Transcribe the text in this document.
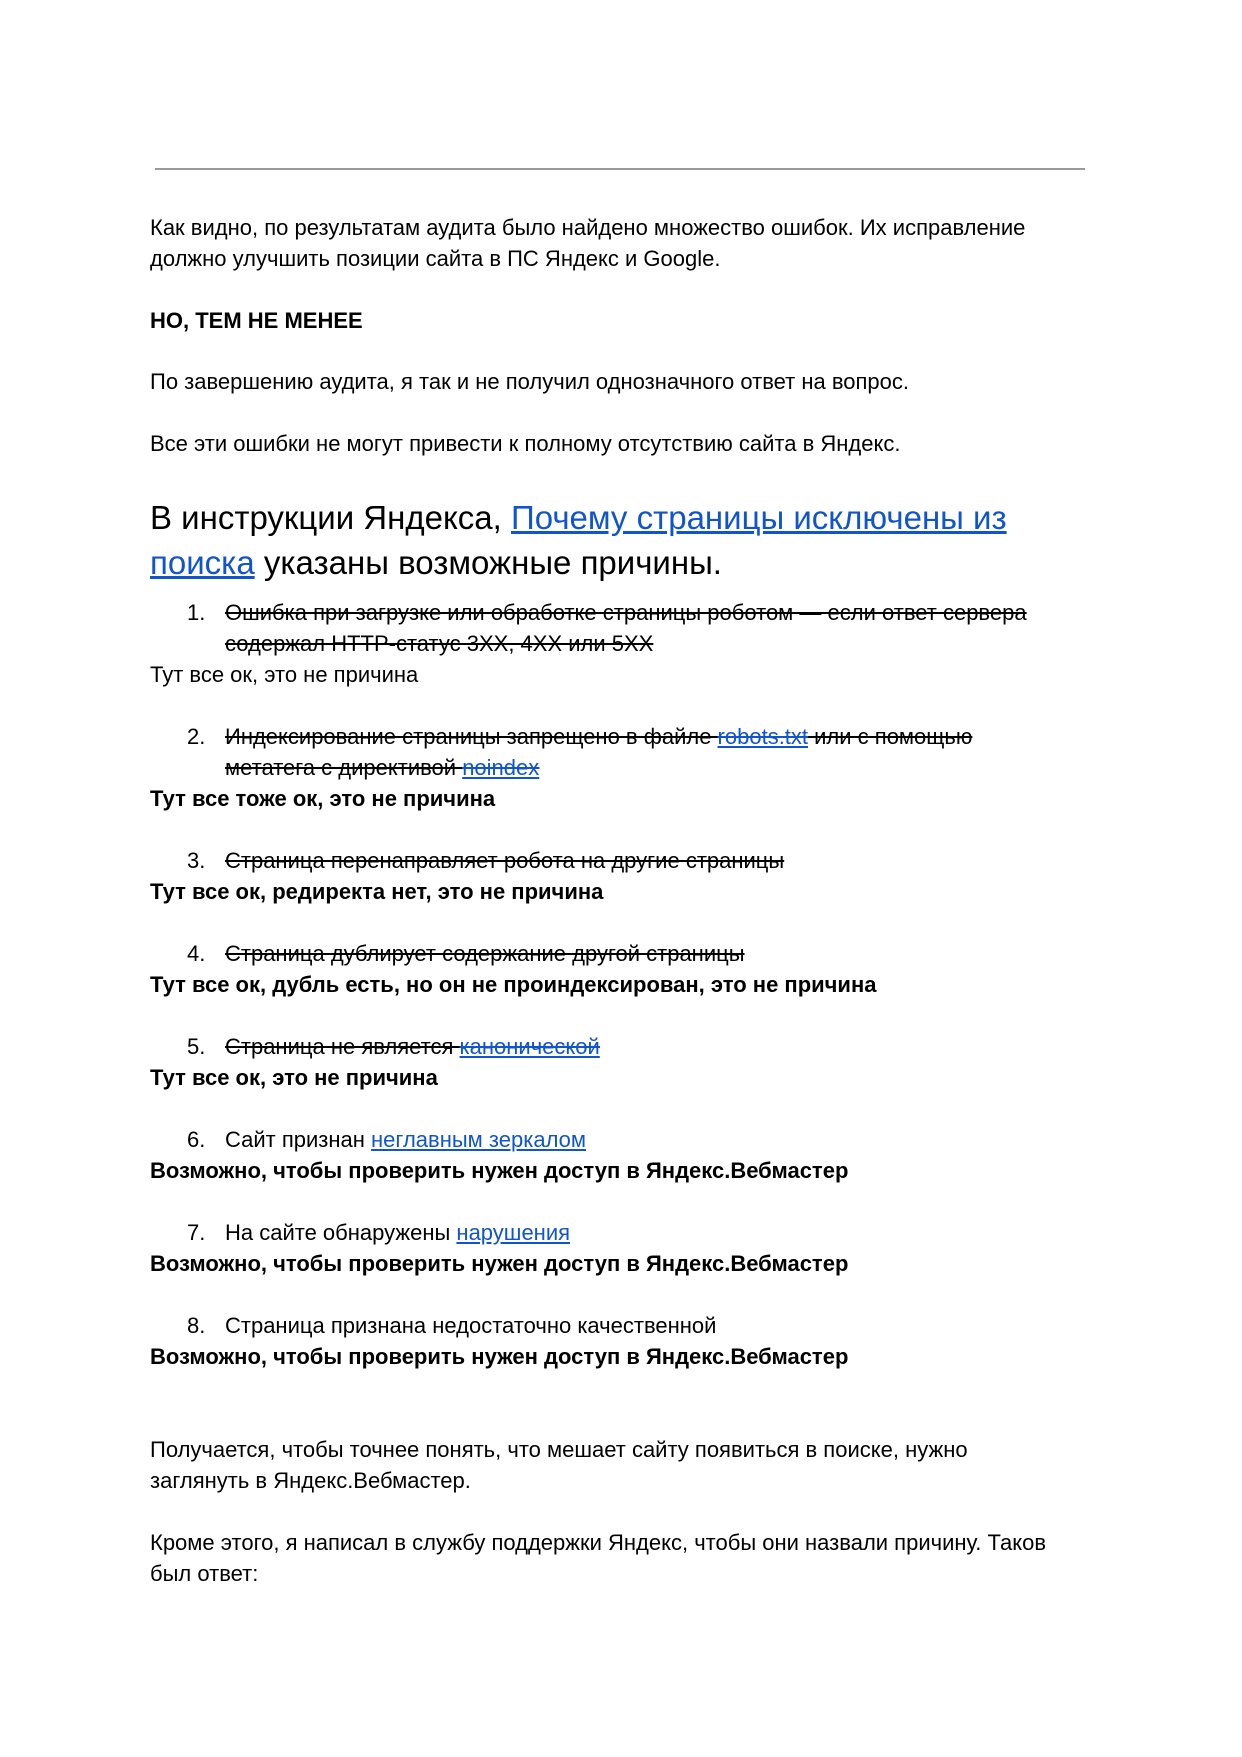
Как видно, по результатам аудита было найдено множество ошибок. Их исправление

должно улучшить позиции сайта в ПС Яндекс и Google.

НО, ТЕМ НЕ МЕНЕЕ

По завершению аудита, я так и не получил однозначного ответ на вопрос.

Все эти ошибки не могут привести к полному отсутствию сайта в Яндекс.

В инструкции Яндекса, Почему страницы исключены из

поиска указаны возможные причины.

1. Ошибка при загрузке или обработке страницы роботом — если ответ сервера
содержал HTTP-статус 3XX, 4XX или 5XX

Тут все ок, это не причина

2. Индексирование страницы запрещено в файле robots.txt или с помощью
метатега с директивой noindex

Тут все тоже ок, это не причина

3. Страница перенаправляет робота на другие страницы

Тут все ок, редиректа нет, это не причина

4. Страница дублирует содержание другой страницы

Тут все ок, дубль есть, но он не проиндексирован, это не причина

5. Страница не является канонической

Тут все ок, это не причина

6. Сайт признан неглавным зеркалом

Возможно, чтобы проверить нужен доступ в Яндекс.Вебмастер

7. На сайте обнаружены нарушения

Возможно, чтобы проверить нужен доступ в Яндекс.Вебмастер

8. Страница признана недостаточно качественной

Возможно, чтобы проверить нужен доступ в Яндекс.Вебмастер

Получается, чтобы точнее понять, что мешает сайту появиться в поиске, нужно

заглянуть в Яндекс.Вебмастер.

Кроме этого, я написал в службу поддержки Яндекс, чтобы они назвали причину. Таков

был ответ:
